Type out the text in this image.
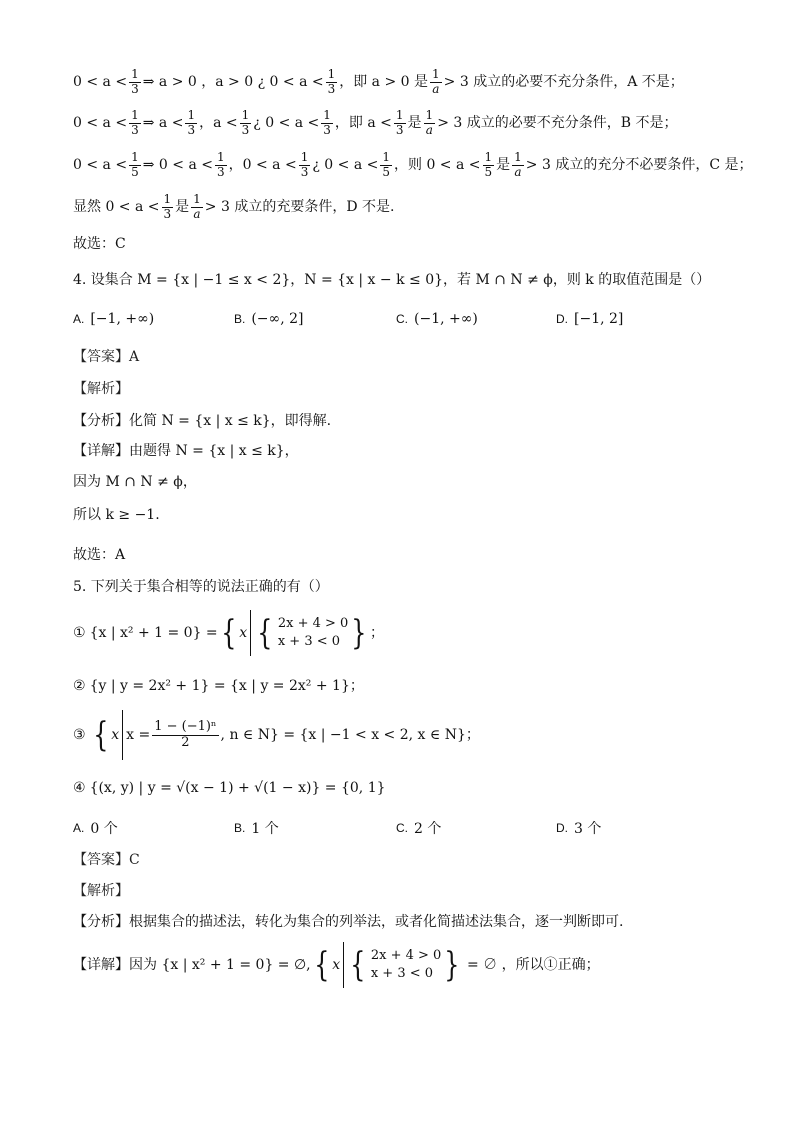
$0 < a < \frac{1}{3}$ ⇒ a > 0 ，a > 0 ¿ $0 < a < \frac{1}{3}$ ，即 a > 0 是 $\frac{1}{a} > 3$ 成立的必要不充分条件，A 不是；
$0 < a < \frac{1}{3}$ ⇒ $a < \frac{1}{3}$ ，$a < \frac{1}{3}$ ¿ $0 < a < \frac{1}{3}$ ，即 $a < \frac{1}{3}$ 是 $\frac{1}{a} > 3$ 成立的必要不充分条件，B 不是；
$0 < a < \frac{1}{5}$ ⇒ $0 < a < \frac{1}{3}$ ，$0 < a < \frac{1}{3}$ ¿ $0 < a < \frac{1}{5}$ ，则 $0 < a < \frac{1}{5}$ 是 $\frac{1}{a} > 3$ 成立的充分不必要条件，C 是；
显然 $0 < a < \frac{1}{3}$ 是 $\frac{1}{a} > 3$ 成立的充要条件，D 不是.
故选：C
4. 设集合 M = {x | −1 ≤ x < 2}，N = {x | x − k ≤ 0}，若 M ∩ N ≠ ϕ，则 k 的取值范围是（）
A. [−1, +∞)	B. (−∞, 2]	C. (−1, +∞)	D. [−1, 2]
【答案】A
【解析】
【分析】化简 N = {x | x ≤ k}，即得解.
【详解】由题得 N = {x | x ≤ k}，
因为 M ∩ N ≠ ϕ，
所以 k ≥ −1.
故选：A
5. 下列关于集合相等的说法正确的有（）
① {x | x² + 1 = 0} = { x { 2x + 4 > 0
x + 3 < 0 } ；
② {y | y = 2x² + 1} = {x | y = 2x² + 1}；
③ { x $x = \frac{\text{1 − (−1)ⁿ}}{2}$ , n ∈ N} = {x | −1 < x < 2, x ∈ N}；
④ {(x, y) | y = √(x − 1) + √(1 − x)} = {0, 1}
A. 0 个	B. 1 个	C. 2 个	D. 3 个
【答案】C
【解析】
【分析】根据集合的描述法，转化为集合的列举法，或者化简描述法集合，逐一判断即可.
【详解】因为 {x | x² + 1 = 0} = ∅, { x { 2x + 4 > 0
x + 3 < 0 } = ∅ ，所以①正确；
